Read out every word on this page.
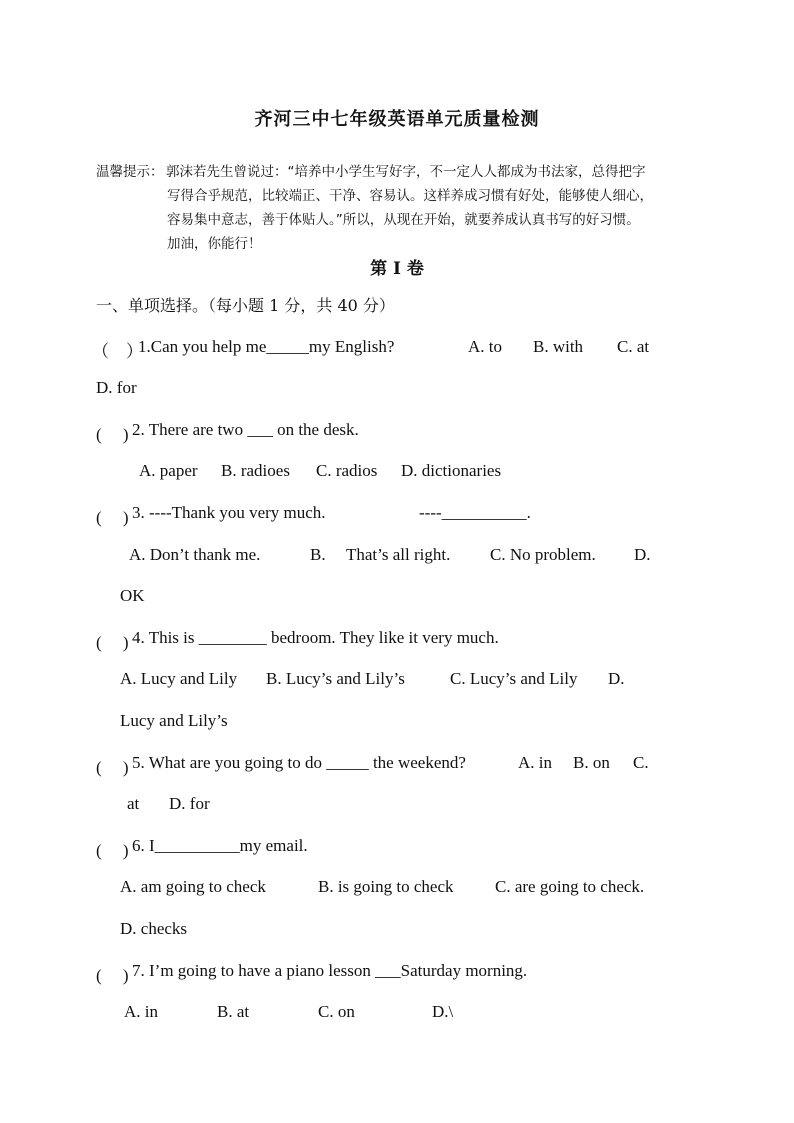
齐河三中七年级英语单元质量检测
温馨提示： 郭沫若先生曾说过：“培养中小学生写好字，不一定人人都成为书法家，总得把字
写得合乎规范，比较端正、干净、容易认。这样养成习惯有好处，能够使人细心，
容易集中意志，善于体贴人。”所以，从现在开始，就要养成认真书写的好习惯。
加油，你能行！
第 I 卷
一、单项选择。（每小题 1 分，共 40 分）
（　）
1.Can you help me_____my English?	A. to B. with C. at
D. for
(　 ) 2. There are two ___ on the desk.
A. paper B. radioes C. radios D. dictionaries
(　 ) 3. ----Thank you very much.	----__________.
A. Don’t thank me.	B. That’s all right. C. No problem. D.
OK
(　 ) 4. This is ________ bedroom. They like it very much.
A. Lucy and Lily B. Lucy’s and Lily’s	C. Lucy’s and Lily D.
Lucy and Lily’s
(　 ) 5. What are you going to do _____ the weekend?	A. in B. on C.
at D. for
(　 ) 6. I__________my email.
A. am going to check	B. is going to check C. are going to check.
D. checks
(　 ) 7. I’m going to have a piano lesson ___Saturday morning.
A. in	B. at	C. on	D.\
